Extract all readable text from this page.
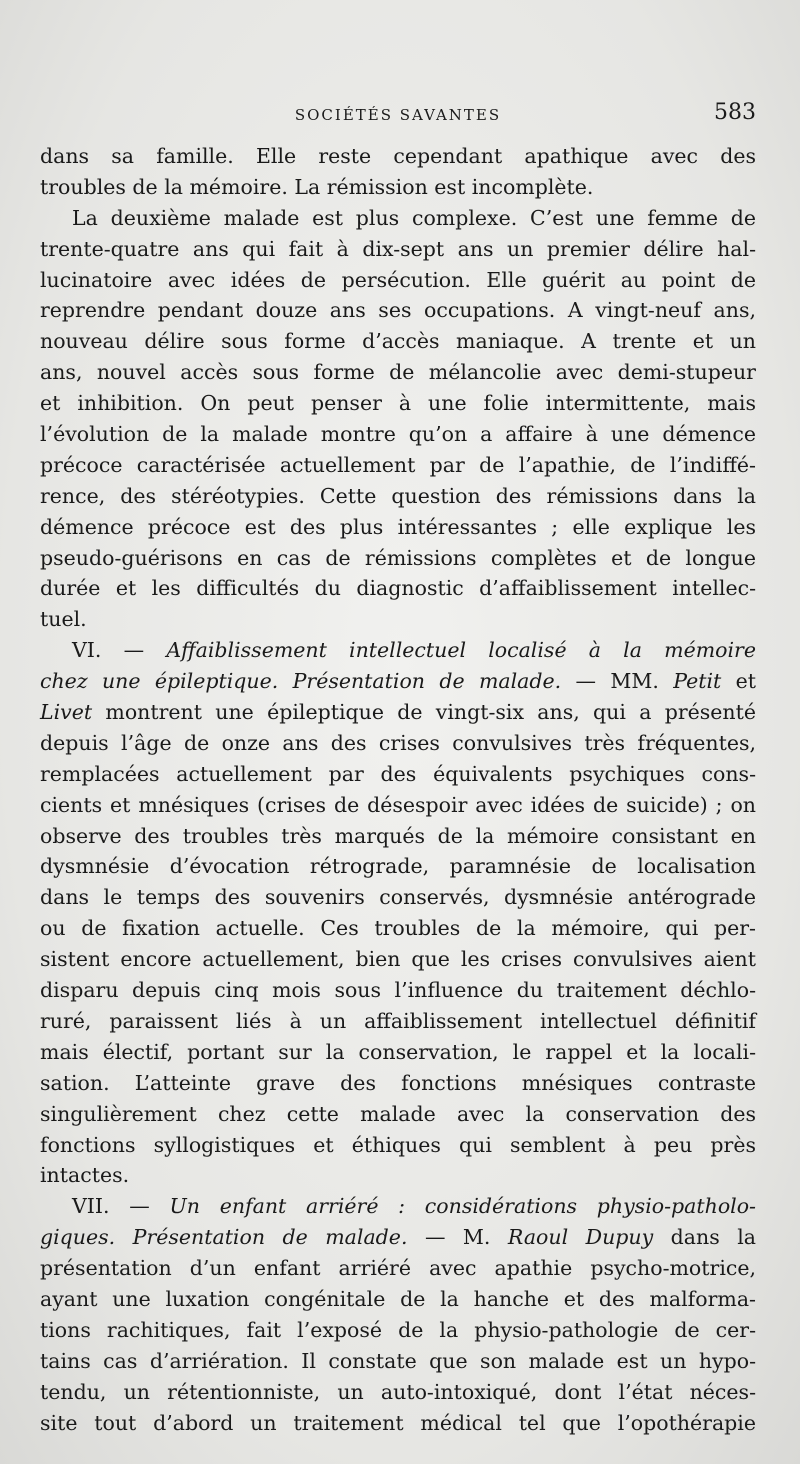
SOCIÉTÉS SAVANTES	583
dans sa famille. Elle reste cependant apathique avec des
troubles de la mémoire. La rémission est incomplète.
La deuxième malade est plus complexe. C’est une femme de
trente-quatre ans qui fait à dix-sept ans un premier délire hal-
lucinatoire avec idées de persécution. Elle guérit au point de
reprendre pendant douze ans ses occupations. A vingt-neuf ans,
nouveau délire sous forme d’accès maniaque. A trente et un
ans, nouvel accès sous forme de mélancolie avec demi-stupeur
et inhibition. On peut penser à une folie intermittente, mais
l’évolution de la malade montre qu’on a affaire à une démence
précoce caractérisée actuellement par de l’apathie, de l’indiffé-
rence, des stéréotypies. Cette question des rémissions dans la
démence précoce est des plus intéressantes ; elle explique les
pseudo-guérisons en cas de rémissions complètes et de longue
durée et les difficultés du diagnostic d’affaiblissement intellec-
tuel.
VI. — Affaiblissement intellectuel localisé à la mémoire
chez une épileptique. Présentation de malade. — MM. Petit et
Livet montrent une épileptique de vingt-six ans, qui a présenté
depuis l’âge de onze ans des crises convulsives très fréquentes,
remplacées actuellement par des équivalents psychiques cons-
cients et mnésiques (crises de désespoir avec idées de suicide) ; on
observe des troubles très marqués de la mémoire consistant en
dysmnésie d’évocation rétrograde, paramnésie de localisation
dans le temps des souvenirs conservés, dysmnésie antérograde
ou de fixation actuelle. Ces troubles de la mémoire, qui per-
sistent encore actuellement, bien que les crises convulsives aient
disparu depuis cinq mois sous l’influence du traitement déchlo-
ruré, paraissent liés à un affaiblissement intellectuel définitif
mais électif, portant sur la conservation, le rappel et la locali-
sation. L’atteinte grave des fonctions mnésiques contraste
singulièrement chez cette malade avec la conservation des
fonctions syllogistiques et éthiques qui semblent à peu près
intactes.
VII. — Un enfant arriéré : considérations physio-patholo-
giques. Présentation de malade. — M. Raoul Dupuy dans la
présentation d’un enfant arriéré avec apathie psycho-motrice,
ayant une luxation congénitale de la hanche et des malforma-
tions rachitiques, fait l’exposé de la physio-pathologie de cer-
tains cas d’arriération. Il constate que son malade est un hypo-
tendu, un rétentionniste, un auto-intoxiqué, dont l’état néces-
site tout d’abord un traitement médical tel que l’opothérapie
